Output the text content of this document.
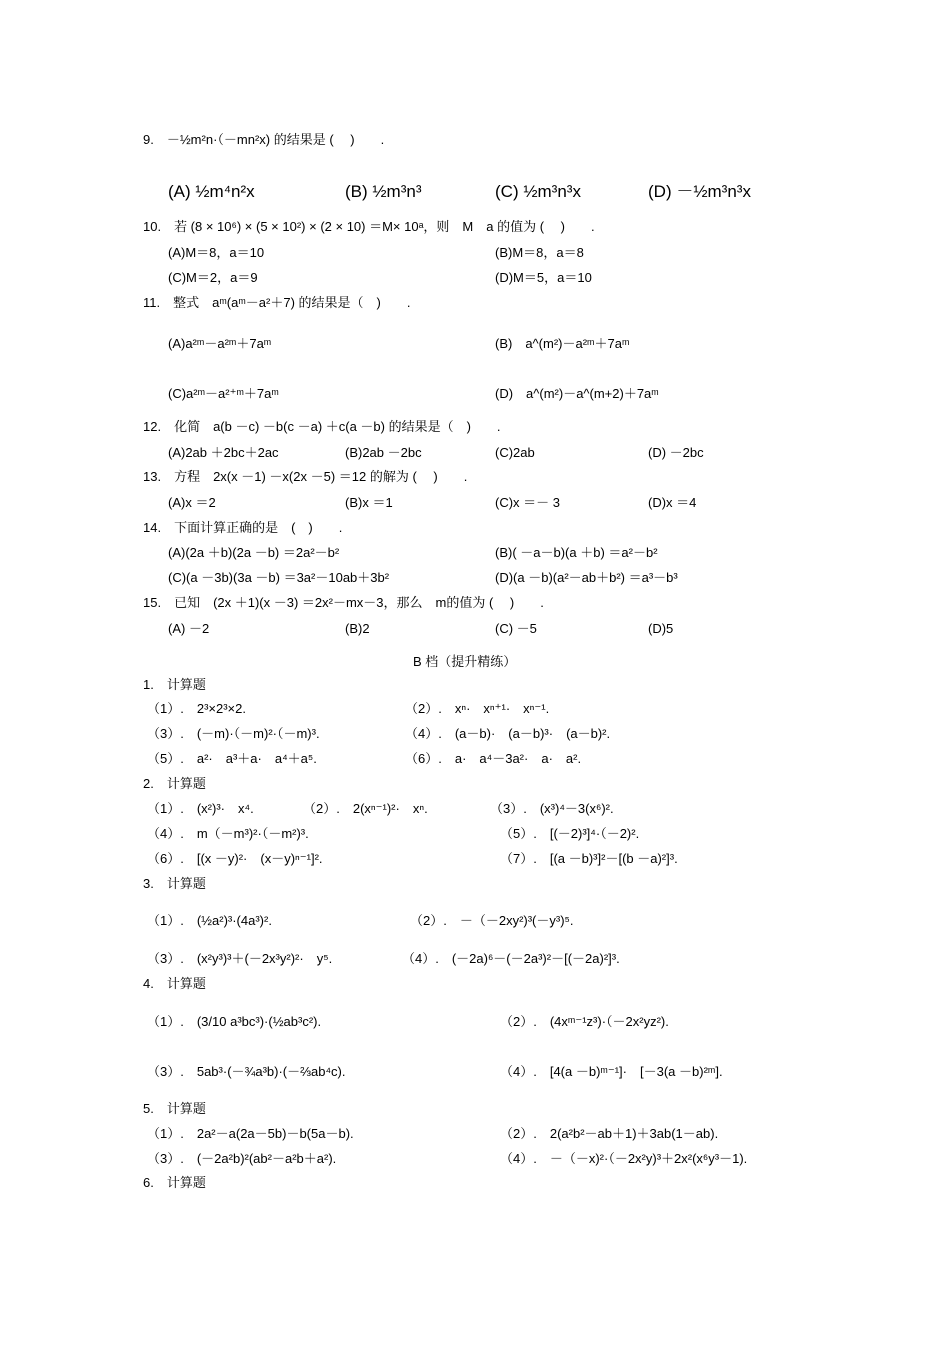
9.　－½m²n·（－mn²x) 的结果是 ( 　)　　.
(A) ½m⁴n²x	(B) ½m³n³	(C) ½m³n³x	(D) －½m³n³x
10.　若 (8 × 10⁶) × (5 × 10²) × (2 × 10) ＝M× 10ᵃ，则　M　a 的值为 ( 　)　　.
(A)M＝8，a＝10	(B)M＝8，a＝8
(C)M＝2，a＝9	(D)M＝5，a＝10
11.　整式　aᵐ(aᵐ－a²＋7) 的结果是（　)　　.
(A)a²ᵐ－a²ᵐ＋7aᵐ	(B)　a^(m²)－a²ᵐ＋7aᵐ
(C)a²ᵐ－a²⁺ᵐ＋7aᵐ	(D)　a^(m²)－a^(m+2)＋7aᵐ
12.　化简　a(b －c) －b(c －a) ＋c(a －b) 的结果是（　)　　.
(A)2ab ＋2bc＋2ac	(B)2ab －2bc	(C)2ab	(D) －2bc
13.　方程　2x(x －1) －x(2x －5) ＝12 的解为 ( 　)　　.
(A)x ＝2	(B)x ＝1	(C)x ＝－ 3	(D)x ＝4
14.　下面计算正确的是　(　)　　.
(A)(2a ＋b)(2a －b) ＝2a²－b²	(B)( －a－b)(a ＋b) ＝a²－b²
(C)(a －3b)(3a －b) ＝3a²－10ab＋3b²	(D)(a －b)(a²－ab＋b²) ＝a³－b³
15.　已知　(2x ＋1)(x －3) ＝2x²－mx－3，那么　m的值为 ( 　)　　.
(A) －2	(B)2	(C) －5	(D)5
B 档（提升精练）
1.　计算题
（1）.　2³×2³×2.	（2）.　xⁿ·　xⁿ⁺¹·　xⁿ⁻¹.
（3）.　(－m)·（－m)²·（－m)³.	（4）.　(a－b)·　(a－b)³·　(a－b)².
（5）.　a²·　a³＋a·　a⁴＋a⁵.	（6）.　a·　a⁴－3a²·　a·　a².
2.　计算题
（1）.　(x²)³·　x⁴.	（2）.　2(xⁿ⁻¹)²·　xⁿ.	（3）.　(x³)⁴－3(x⁶)².
（4）.　m（－m³)²·（－m²)³.	（5）.　[(－2)³]⁴·（－2)².
（6）.　[(x －y)²·　(x－y)ⁿ⁻¹]².	（7）.　[(a －b)³]²－[(b －a)²]³.
3.　计算题
（1）.　(½a²)³·(4a³)².	（2）.　－（－2xy²)³(－y³)⁵.
（3）.　(x²y³)³＋(－2x³y²)²·　y⁵.	（4）.　(－2a)⁶－(－2a³)²－[(－2a)²]³.
4.　计算题
（1）.　(3/10 a³bc³)·(½ab³c²).	（2）.　(4xᵐ⁻¹z³)·（－2x²yz²).
（3）.　5ab³·(－¾a³b)·(－⅔ab⁴c).	（4）.　[4(a －b)ᵐ⁻¹]·　[－3(a －b)²ᵐ].
5.　计算题
（1）.　2a²－a(2a－5b)－b(5a－b).	（2）.　2(a²b²－ab＋1)＋3ab(1－ab).
（3）.　(－2a²b)²(ab²－a²b＋a²).	（4）.　－（－x)²·（－2x²y)³＋2x²(x⁶y³－1).
6.　计算题
